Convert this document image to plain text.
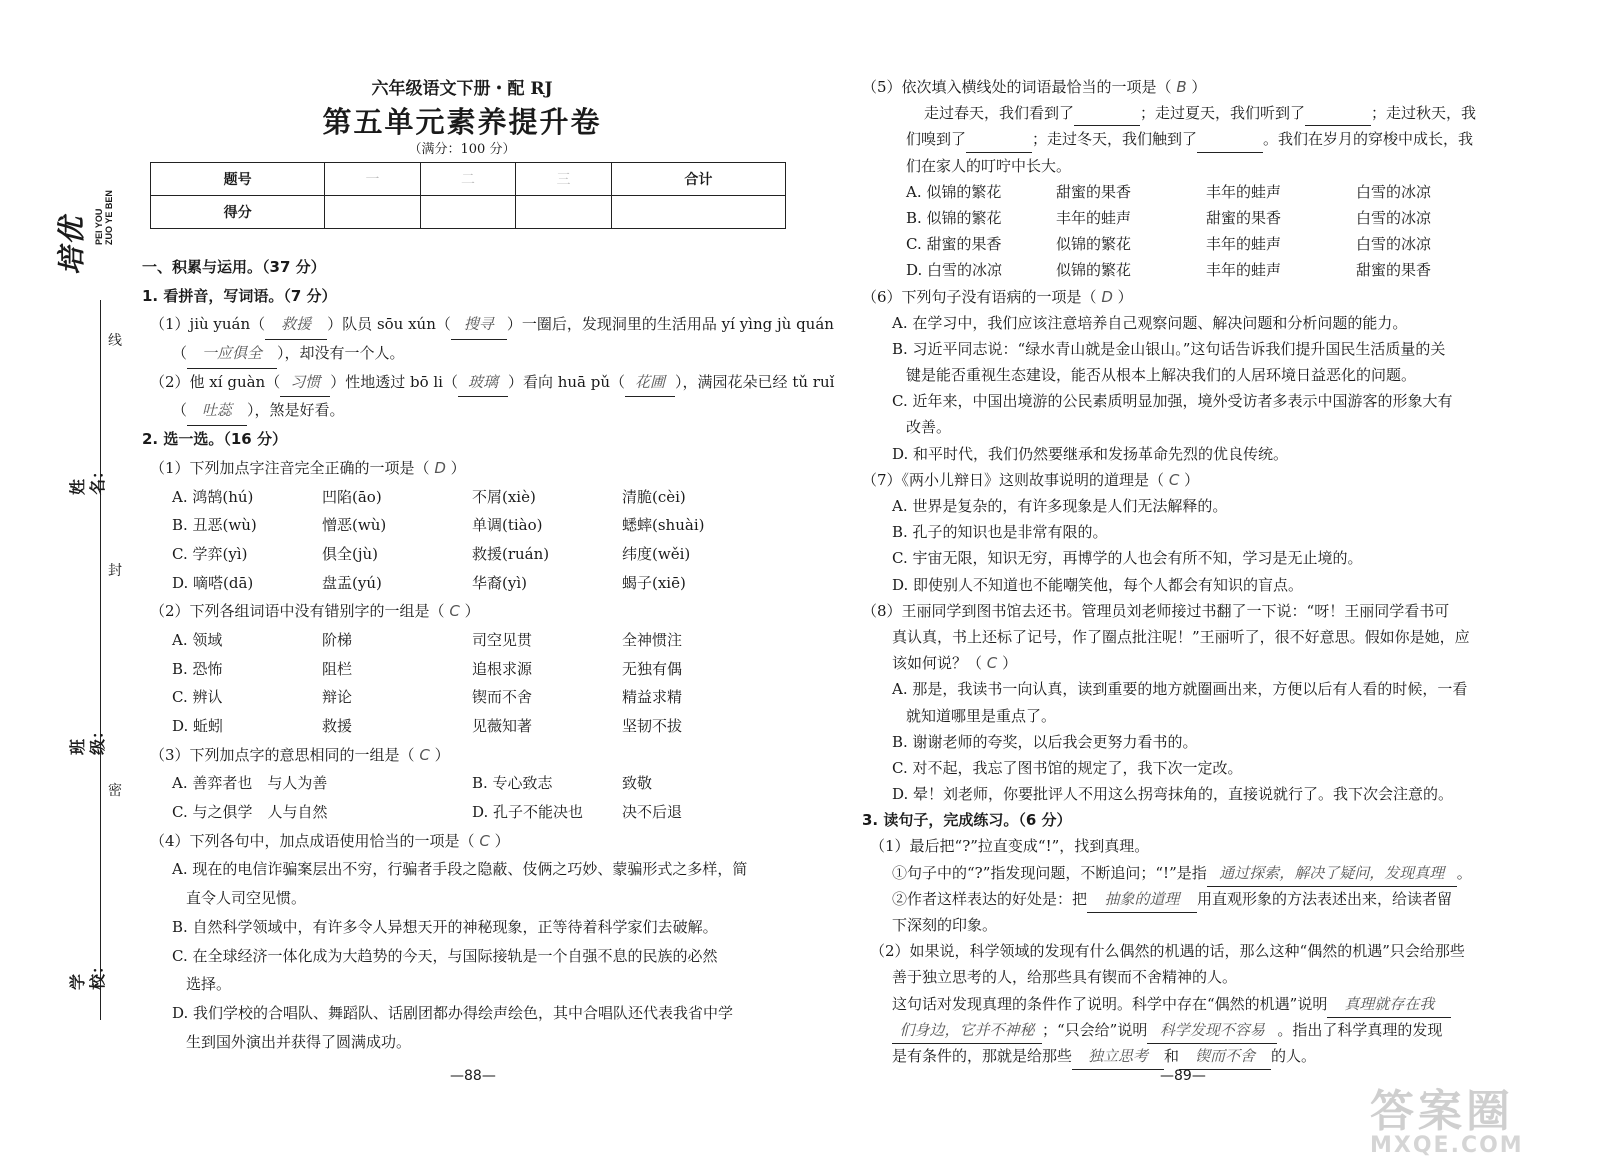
培优 PEI YOU ZUO YE BEN
线
封
密
姓名：
班级：
学校：
六年级语文下册・配 RJ
第五单元素养提升卷
（满分：100 分）
题号	一	二	三	合计
得分				
一、积累与运用。（37 分）
1. 看拼音，写词语。（7 分）
（1）jiù yuán（ 救援 ）队员 sōu xún（ 搜寻 ）一圈后，发现洞里的生活用品 yí yìng jù quán
（ 一应俱全 ），却没有一个人。
（2）他 xí guàn（ 习惯 ）性地透过 bō li（ 玻璃 ）看向 huā pǔ（ 花圃 ），满园花朵已经 tǔ ruǐ
（ 吐蕊 ），煞是好看。
2. 选一选。（16 分）
（1）下列加点字注音完全正确的一项是（ D ）
A. 鸿鹄(hú)	凹陷(āo)	不屑(xiè)	清脆(cèi)
B. 丑恶(wù)	憎恶(wù)	单调(tiào)	蟋蟀(shuài)
C. 学弈(yì)	俱全(jù)	救援(ruán)	纬度(wěi)
D. 嘀嗒(dā)	盘盂(yú)	华裔(yì)	蝎子(xiē)
（2）下列各组词语中没有错别字的一组是（ C ）
A. 领域	阶梯	司空见贯	全神惯注
B. 恐怖	阻栏	追根求源	无独有偶
C. 辨认	辩论	锲而不舍	精益求精
D. 蚯蚓	救援	见薇知著	坚韧不拔
（3）下列加点字的意思相同的一组是（ C ）
A. 善弈者也　与人为善	B. 专心致志	致敬
C. 与之俱学　人与自然	D. 孔子不能决也	决不后退
（4）下列各句中，加点成语使用恰当的一项是（ C ）
A. 现在的电信诈骗案层出不穷，行骗者手段之隐蔽、伎俩之巧妙、蒙骗形式之多样，简
直令人司空见惯。
B. 自然科学领域中，有许多令人异想天开的神秘现象，正等待着科学家们去破解。
C. 在全球经济一体化成为大趋势的今天，与国际接轨是一个自强不息的民族的必然
选择。
D. 我们学校的合唱队、舞蹈队、话剧团都办得绘声绘色，其中合唱队还代表我省中学
生到国外演出并获得了圆满成功。
—88—
（5）依次填入横线处的词语最恰当的一项是（ B ）
走过春天，我们看到了	；走过夏天，我们听到了	；走过秋天，我
们嗅到了	；走过冬天，我们触到了	。我们在岁月的穿梭中成长，我
们在家人的叮咛中长大。
A. 似锦的繁花	甜蜜的果香	丰年的蛙声	白雪的冰凉
B. 似锦的繁花	丰年的蛙声	甜蜜的果香	白雪的冰凉
C. 甜蜜的果香	似锦的繁花	丰年的蛙声	白雪的冰凉
D. 白雪的冰凉	似锦的繁花	丰年的蛙声	甜蜜的果香
（6）下列句子没有语病的一项是（ D ）
A. 在学习中，我们应该注意培养自己观察问题、解决问题和分析问题的能力。
B. 习近平同志说：“绿水青山就是金山银山。”这句话告诉我们提升国民生活质量的关
键是能否重视生态建设，能否从根本上解决我们的人居环境日益恶化的问题。
C. 近年来，中国出境游的公民素质明显加强，境外受访者多表示中国游客的形象大有
改善。
D. 和平时代，我们仍然要继承和发扬革命先烈的优良传统。
（7）《两小儿辩日》这则故事说明的道理是（ C ）
A. 世界是复杂的，有许多现象是人们无法解释的。
B. 孔子的知识也是非常有限的。
C. 宇宙无限，知识无穷，再博学的人也会有所不知，学习是无止境的。
D. 即使别人不知道也不能嘲笑他，每个人都会有知识的盲点。
（8）王丽同学到图书馆去还书。管理员刘老师接过书翻了一下说：“呀！王丽同学看书可
真认真，书上还标了记号，作了圈点批注呢！”王丽听了，很不好意思。假如你是她，应
该如何说？（ C ）
A. 那是，我读书一向认真，读到重要的地方就圈画出来，方便以后有人看的时候，一看
就知道哪里是重点了。
B. 谢谢老师的夸奖，以后我会更努力看书的。
C. 对不起，我忘了图书馆的规定了，我下次一定改。
D. 晕！刘老师，你要批评人不用这么拐弯抹角的，直接说就行了。我下次会注意的。
3. 读句子，完成练习。（6 分）
（1）最后把“?”拉直变成“!”，找到真理。
①句子中的“?”指发现问题，不断追问；“!”是指 通过探索，解决了疑问，发现真理 。
②作者这样表达的好处是：把 抽象的道理 用直观形象的方法表述出来，给读者留
下深刻的印象。
（2）如果说，科学领域的发现有什么偶然的机遇的话，那么这种“偶然的机遇”只会给那些
善于独立思考的人，给那些具有锲而不舍精神的人。
这句话对发现真理的条件作了说明。科学中存在“偶然的机遇”说明 真理就存在我
们身边，它并不神秘 ；“只会给”说明 科学发现不容易 。指出了科学真理的发现
是有条件的，那就是给那些 独立思考 和 锲而不舍 的人。
—89—
答案圈
MXQE.COM
